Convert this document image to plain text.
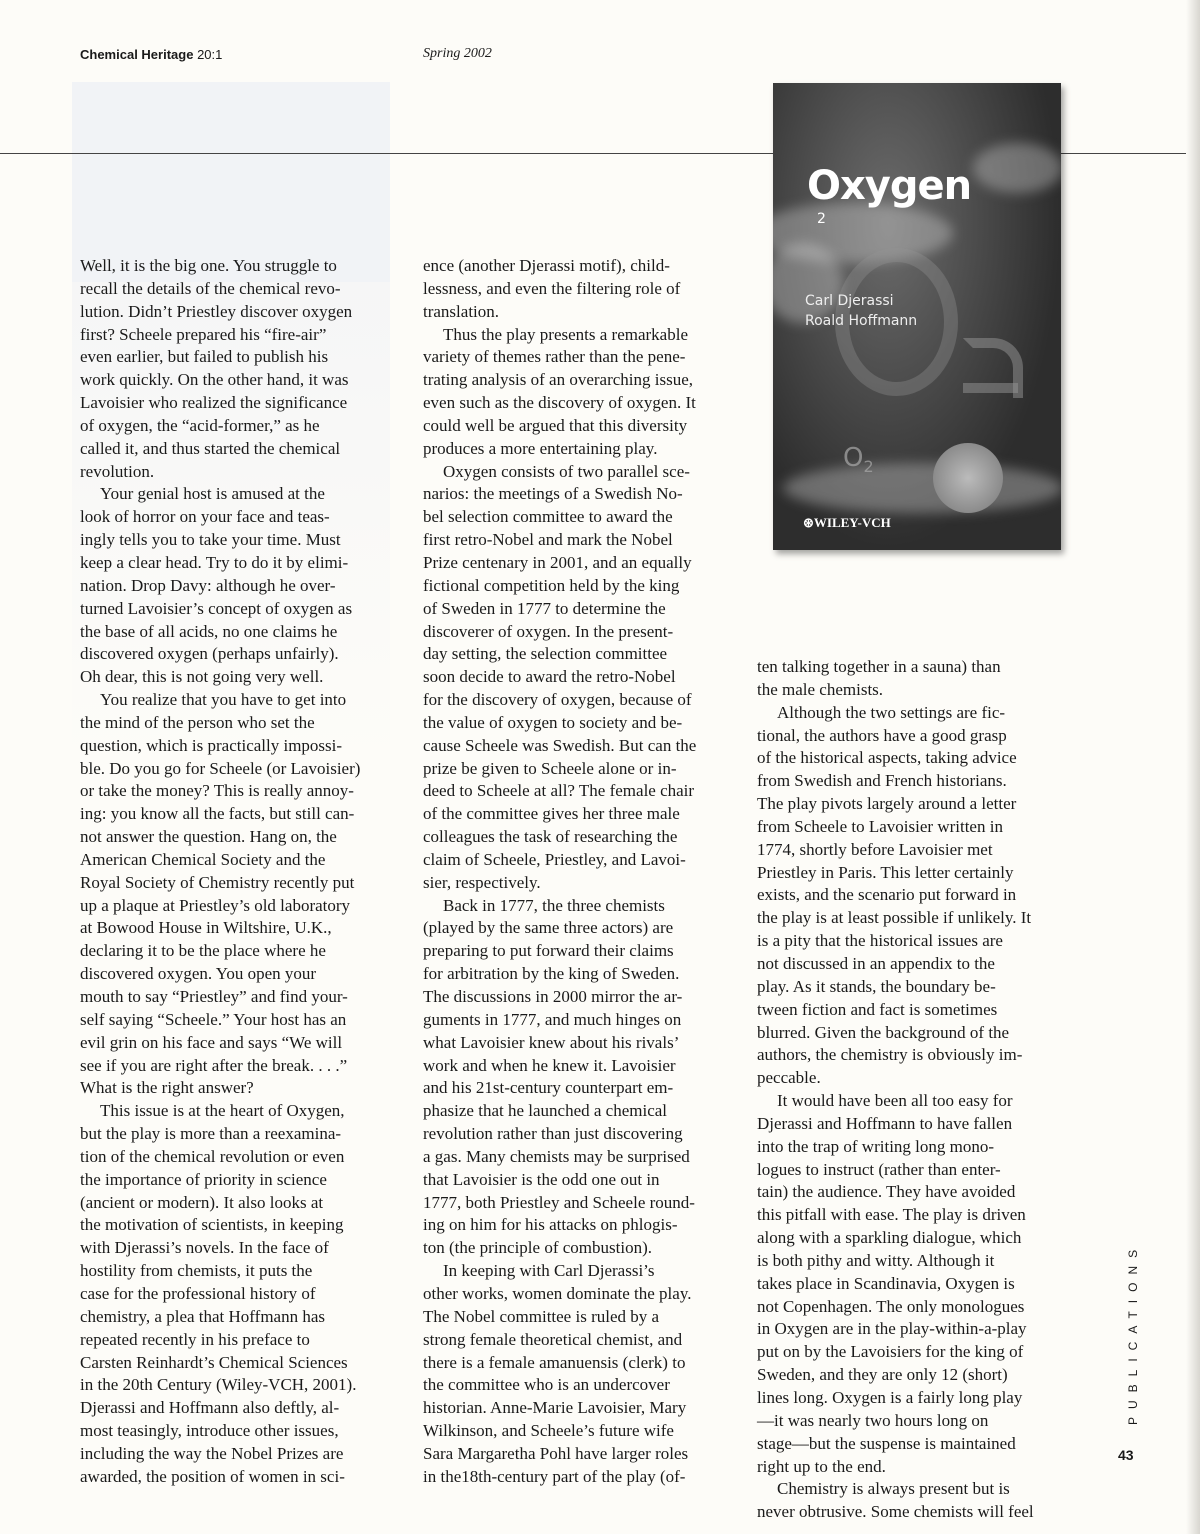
Chemical Heritage 20:1	Spring 2002
Well, it is the big one. You struggle to
recall the details of the chemical revo-
lution. Didn’t Priestley discover oxygen
first? Scheele prepared his “fire-air”
even earlier, but failed to publish his
work quickly. On the other hand, it was
Lavoisier who realized the significance
of oxygen, the “acid-former,” as he
called it, and thus started the chemical
revolution.
Your genial host is amused at the
look of horror on your face and teas-
ingly tells you to take your time. Must
keep a clear head. Try to do it by elimi-
nation. Drop Davy: although he over-
turned Lavoisier’s concept of oxygen as
the base of all acids, no one claims he
discovered oxygen (perhaps unfairly).
Oh dear, this is not going very well.
You realize that you have to get into
the mind of the person who set the
question, which is practically impossi-
ble. Do you go for Scheele (or Lavoisier)
or take the money? This is really annoy-
ing: you know all the facts, but still can-
not answer the question. Hang on, the
American Chemical Society and the
Royal Society of Chemistry recently put
up a plaque at Priestley’s old laboratory
at Bowood House in Wiltshire, U.K.,
declaring it to be the place where he
discovered oxygen. You open your
mouth to say “Priestley” and find your-
self saying “Scheele.” Your host has an
evil grin on his face and says “We will
see if you are right after the break. . . .”
What is the right answer?
This issue is at the heart of Oxygen,
but the play is more than a reexamina-
tion of the chemical revolution or even
the importance of priority in science
(ancient or modern). It also looks at
the motivation of scientists, in keeping
with Djerassi’s novels. In the face of
hostility from chemists, it puts the
case for the professional history of
chemistry, a plea that Hoffmann has
repeated recently in his preface to
Carsten Reinhardt’s Chemical Sciences
in the 20th Century (Wiley-VCH, 2001).
Djerassi and Hoffmann also deftly, al-
most teasingly, introduce other issues,
including the way the Nobel Prizes are
awarded, the position of women in sci-
ence (another Djerassi motif), child-
lessness, and even the filtering role of
translation.
Thus the play presents a remarkable
variety of themes rather than the pene-
trating analysis of an overarching issue,
even such as the discovery of oxygen. It
could well be argued that this diversity
produces a more entertaining play.
Oxygen consists of two parallel sce-
narios: the meetings of a Swedish No-
bel selection committee to award the
first retro-Nobel and mark the Nobel
Prize centenary in 2001, and an equally
fictional competition held by the king
of Sweden in 1777 to determine the
discoverer of oxygen. In the present-
day setting, the selection committee
soon decide to award the retro-Nobel
for the discovery of oxygen, because of
the value of oxygen to society and be-
cause Scheele was Swedish. But can the
prize be given to Scheele alone or in-
deed to Scheele at all? The female chair
of the committee gives her three male
colleagues the task of researching the
claim of Scheele, Priestley, and Lavoi-
sier, respectively.
Back in 1777, the three chemists
(played by the same three actors) are
preparing to put forward their claims
for arbitration by the king of Sweden.
The discussions in 2000 mirror the ar-
guments in 1777, and much hinges on
what Lavoisier knew about his rivals’
work and when he knew it. Lavoisier
and his 21st-century counterpart em-
phasize that he launched a chemical
revolution rather than just discovering
a gas. Many chemists may be surprised
that Lavoisier is the odd one out in
1777, both Priestley and Scheele round-
ing on him for his attacks on phlogis-
ton (the principle of combustion).
In keeping with Carl Djerassi’s
other works, women dominate the play.
The Nobel committee is ruled by a
strong female theoretical chemist, and
there is a female amanuensis (clerk) to
the committee who is an undercover
historian. Anne-Marie Lavoisier, Mary
Wilkinson, and Scheele’s future wife
Sara Margaretha Pohl have larger roles
in the18th-century part of the play (of-
ten talking together in a sauna) than
the male chemists.
Although the two settings are fic-
tional, the authors have a good grasp
of the historical aspects, taking advice
from Swedish and French historians.
The play pivots largely around a letter
from Scheele to Lavoisier written in
1774, shortly before Lavoisier met
Priestley in Paris. This letter certainly
exists, and the scenario put forward in
the play is at least possible if unlikely. It
is a pity that the historical issues are
not discussed in an appendix to the
play. As it stands, the boundary be-
tween fiction and fact is sometimes
blurred. Given the background of the
authors, the chemistry is obviously im-
peccable.
It would have been all too easy for
Djerassi and Hoffmann to have fallen
into the trap of writing long mono-
logues to instruct (rather than enter-
tain) the audience. They have avoided
this pitfall with ease. The play is driven
along with a sparkling dialogue, which
is both pithy and witty. Although it
takes place in Scandinavia, Oxygen is
not Copenhagen. The only monologues
in Oxygen are in the play-within-a-play
put on by the Lavoisiers for the king of
Sweden, and they are only 12 (short)
lines long. Oxygen is a fairly long play
—it was nearly two hours long on
stage—but the suspense is maintained
right up to the end.
Chemistry is always present but is
never obtrusive. Some chemists will feel
Oxygen
2
Carl Djerassi
Roald Hoffmann
$O_2$
⊛WILEY-VCH
PUBLICATIONS
43
